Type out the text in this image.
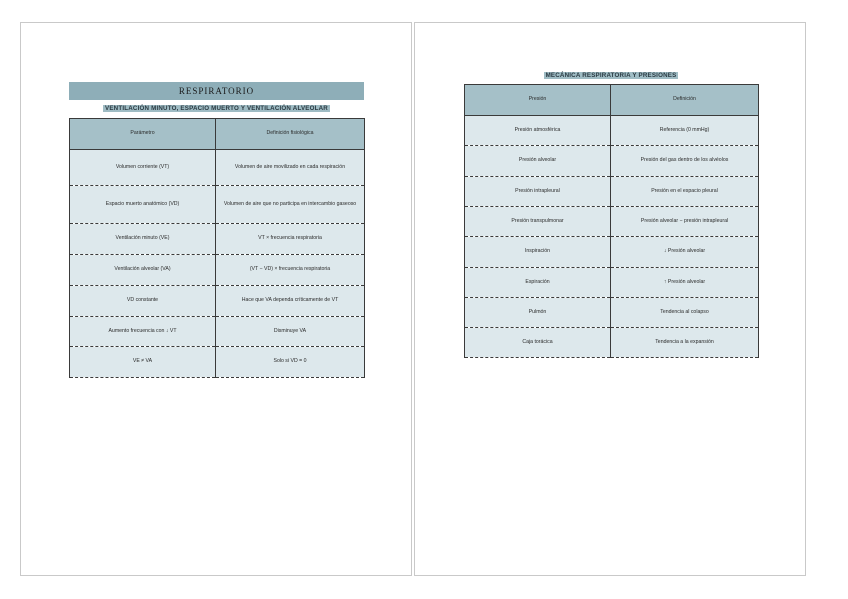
RESPIRATORIO
VENTILACIÓN MINUTO, ESPACIO MUERTO Y VENTILACIÓN ALVEOLAR
Parámetro	Definición fisiológica
Volumen corriente (VT)	Volumen de aire movilizado en cada respiración
Espacio muerto anatómico (VD)	Volumen de aire que no participa en intercambio gaseoso
Ventilación minuto (VE)	VT × frecuencia respiratoria
Ventilación alveolar (VA)	(VT − VD) × frecuencia respiratoria
VD constante	Hace que VA dependa críticamente de VT
Aumento frecuencia con ↓ VT	Disminuye VA
VE ≠ VA	Solo si VD = 0
MECÁNICA RESPIRATORIA Y PRESIONES
Presión	Definición
Presión atmosférica	Referencia (0 mmHg)
Presión alveolar	Presión del gas dentro de los alvéolos
Presión intrapleural	Presión en el espacio pleural
Presión transpulmonar	Presión alveolar − presión intrapleural
Inspiración	↓ Presión alveolar
Espiración	↑ Presión alveolar
Pulmón	Tendencia al colapso
Caja torácica	Tendencia a la expansión
